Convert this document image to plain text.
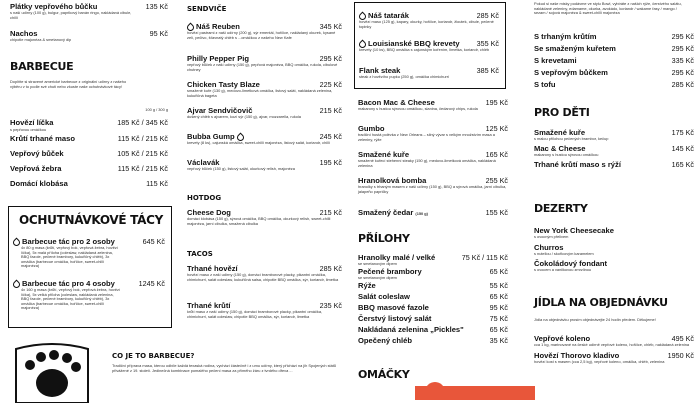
Plátky vepřového bůčku	135 Kč
s naší udírny (100 g), bulgur, paprikový banán ringo, nakládaná cibule, chilli
Nachos	95 Kč
chipotle majonéza & smetanový dip
BARBECUE
Doplňte si stravené americké barbecue z originální udírny z našeho výběru v to podle své chuti nebo zkuste naše ochutnávkové tácy!
100 g / 300 g
Hovězí líčka	185 Kč / 345 Kč
s pepřovou omáčkou
Krůtí trhané maso	115 Kč / 215 Kč
Vepřový bůček	105 Kč / 215 Kč
Vepřová žebra	115 Kč / 215 Kč
Domácí klobása	115 Kč
OCHUTNÁVKOVÉ TÁCY
Barbecue tác pro 2 osoby	645 Kč
4x 80 g masa (krůtí, vepřový bok, vepřová žebra, hovězí líčka), 5x malá příloha (coleslaw, nakládaná zelenina, BBQ fazole, pečené brambory, kukuřičný chléb), 3x omáčka (barbecue omáčka, hořčice, sweet-chilli majonéza)
Barbecue tác pro 4 osoby	1245 Kč
4x 160 g masa (krůtí, vepřový bok, vepřová žebra, hovězí líčka), 5x velká příloha (coleslaw, nakládaná zelenina, BBQ fazole, pečené brambory, kukuřičný chléb), 3x omáčka (barbecue omáčka, hořčice, sweet-chilli majonéza)
CO JE TO BARBECUE?
Tradiční příprava masa, kterou odbíle každá texaská rodina, vychází částečně i z umu udírny, který přichází na jih Spojených států přivážené z 19. století. Jedinečná kombinace pomalého pečení masa za přímého žáru z tvrdého dřeva ...
SENDVIČE
Náš Reuben	345 Kč
hovězí pastrami z naší udírny (200 g), sýr ementál, hořčice, nakládaný okurek, kysané zelí, pečivo, šťavnatý chléb s ...omáčkou z našeho New Kafe
Philly Pepper Pig	295 Kč
vepřový bůček z naší udírny (150 g), pepřová majonéza, BBQ omáčka, rukola, cibulové chutney
Chicken Tasty Blaze	225 Kč
smažené kuře (130 g), medovo-limetková omáčka, listový salát, nakládaná zelenina, kukuřičná bageta
Ajvar Sendvičovič	215 Kč
dušený chléb s ajvarem, kozí sýr (150 g), ajvar, mozzarella, rukola
Bubba Gump	245 Kč
krevety (8 ks), cajunská omáčka, sweet-chilli majonéza, listový salát, koriandr, chilli
Václavák	195 Kč
vepřový bůček (150 g), listový salát, okurkový relish, majonéza
HOTDOG
Cheese Dog	215 Kč
domácí klobása (150 g), sýrová omáčka, BBQ omáčka, okurkový relish, sweet-chilli majonéza, jarní cibulka, smažená cibulka
TACOS
Trhané hovězí	285 Kč
hovězí maso z naší udírny (150 g), domácí bramborové placky, pikantní omáčka, chimichurri, salát coleslaw, kukuřičná salsa, chipotle BBQ omáčka, sýr, koriandr, limetka
Trhané krůtí	235 Kč
krůtí maso z naší udírny (150 g), domácí bramborové placky, pikantní omáčka, chimichurri, salát coleslaw, chipotle BBQ omáčka, sýr, koriandr, limetka
Náš tatarák	285 Kč
hovězí maso (125 g), kapary, okurky, hořčice, koriandr, žloutek, cibule, pečené topinky
Louisianské BBQ krevety 355 Kč
krevety (10 ks), BBQ omáčka s cajunským kořením, limetka, koriandr, chléb
Flank steak	385 Kč
steak z hovězího pupku (250 g), omáčka chimichurri
Bacon Mac & Cheese	195 Kč
makarony s hustou sýrovou omáčkou, slanina, čedarový chips, rukola
Gumbo	125 Kč
tradiční hustá polévka z New Orleans – silný vývar s velkým množstvím masa a zeleniny, rýže
Smažené kuře	165 Kč
smažené kuřecí stehenní steaky (150 g), medovo-limetková omáčka, nakládaná zelenina
Hranolková bomba	255 Kč
hranolky s trhaným masem z naší udírny (150 g), BBQ a sýrová omáčka, jarní cibulka, jalapeño papričky
Smažený čedar (150 g)	155 Kč
PŘÍLOHY
Hranolky malé / velké	75 Kč / 115 Kč
se smetanovým dipem
Pečené brambory	65 Kč
se smetanovým dipem
Rýže	55 Kč
Salát coleslaw	65 Kč
BBQ masové fazole	95 Kč
Čerstvý listový salát	75 Kč
Nakládaná zelenina „Pickles"	65 Kč
Opečený chléb	35 Kč
OMÁČKY
Pokud si naše misky podávme ve stylu Bowl, vybíráte z našich rýže, čerstvého salátu, nakládané zeleniny, edamame, okurka, avokádo, koriandr / wakame řasy / mango / sezam / sojová majonéza & sweet-chilli majonéza
S trhaným krůtím	295 Kč
Se smaženým kuřetem	295 Kč
S krevetami	335 Kč
S vepřovým bůčkem	295 Kč
S tofu	285 Kč
PRO DĚTI
Smažené kuře	175 Kč
s malou přílohou pečených brambor, kečup
Mac & Cheese	145 Kč
makarony s hustou sýrovou omáčkou
Trhané krůtí maso s rýží	165 Kč
DEZERTY
New York Cheesecake
s ovocným přelivem
Churros
s nutellou / skořicovým karamelem
Čokoládový fondant
s ovocem a vanilkovou zmrzlinou
JÍDLA NA OBJEDNÁVKU
Jídla na objednávku prosím objednávejte 24 hodin předem. Děkujeme!
Vepřové koleno	495 Kč
cca 1 kg, marinované na české udírně vepřové koleno, hořčice, chléb, nakládaná zelenina
Hovězí Thorovo kladivo	1950 Kč
hovězí kost s masem (cca 2,5 kg), vepřové koleno, omáčka, chléb, zelenina
